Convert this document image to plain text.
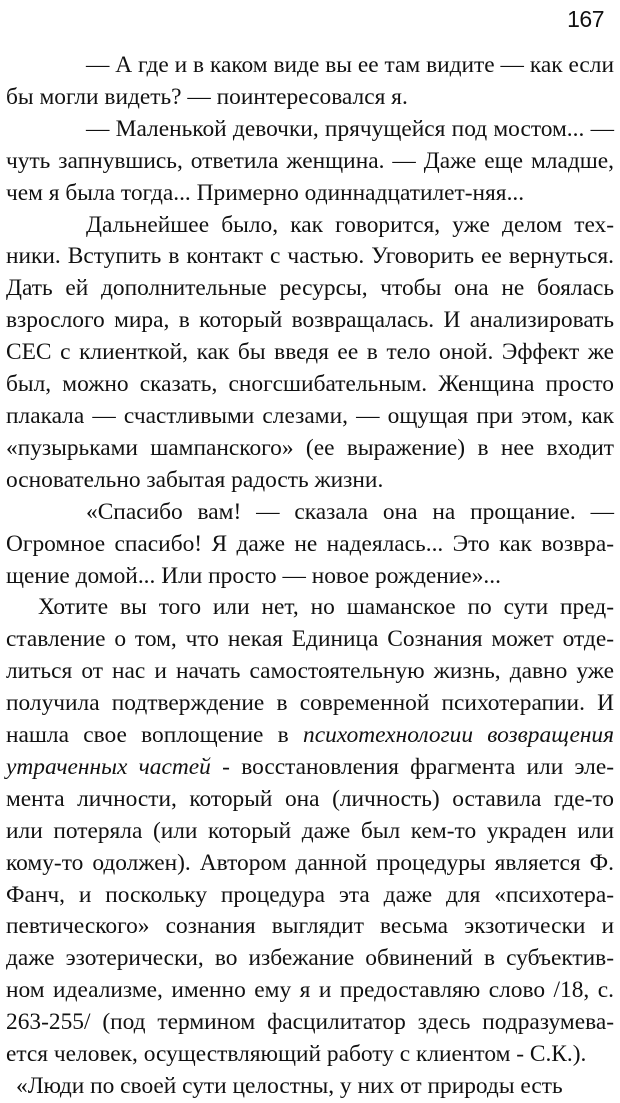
167

— А где и в каком виде вы ее там видите — как если бы могли видеть? — поинтересовался я.

— Маленькой девочки, прячущейся под мостом... — чуть запнувшись, ответила женщина. — Даже еще младше, чем я была тогда... Примерно одиннадцатилет-няя...

Дальнейшее было, как говорится, уже делом тех-ники. Вступить в контакт с частью. Уговорить ее вернуться. Дать ей дополнительные ресурсы, чтобы она не боялась взрослого мира, в который возвращалась. И анализировать СЕС с клиенткой, как бы введя ее в тело оной. Эффект же был, можно сказать, сногсшибательным. Женщина просто плакала — счастливыми слезами, — ощущая при этом, как «пузырьками шампанского» (ее выражение) в нее входит основательно забытая радость жизни.

«Спасибо вам! — сказала она на прощание. — Огромное спасибо! Я даже не надеялась... Это как возвра-щение домой... Или просто — новое рождение»...

Хотите вы того или нет, но шаманское по сути пред-ставление о том, что некая Единица Сознания может отде-литься от нас и начать самостоятельную жизнь, давно уже получила подтверждение в современной психотерапии. И нашла свое воплощение в психотехнологии возвращения утраченных частей - восстановления фрагмента или эле-мента личности, который она (личность) оставила где-то или потеряла (или который даже был кем-то украден или кому-то одолжен). Автором данной процедуры является Ф. Фанч, и поскольку процедура эта даже для «психотера-певтического» сознания выглядит весьма экзотически и даже эзотерически, во избежание обвинений в субъектив-ном идеализме, именно ему я и предоставляю слово /18, с. 263-255/ (под термином фасцилитатор здесь подразумева-ется человек, осуществляющий работу с клиентом - С.К.).

«Люди по своей сути целостны, у них от природы есть
